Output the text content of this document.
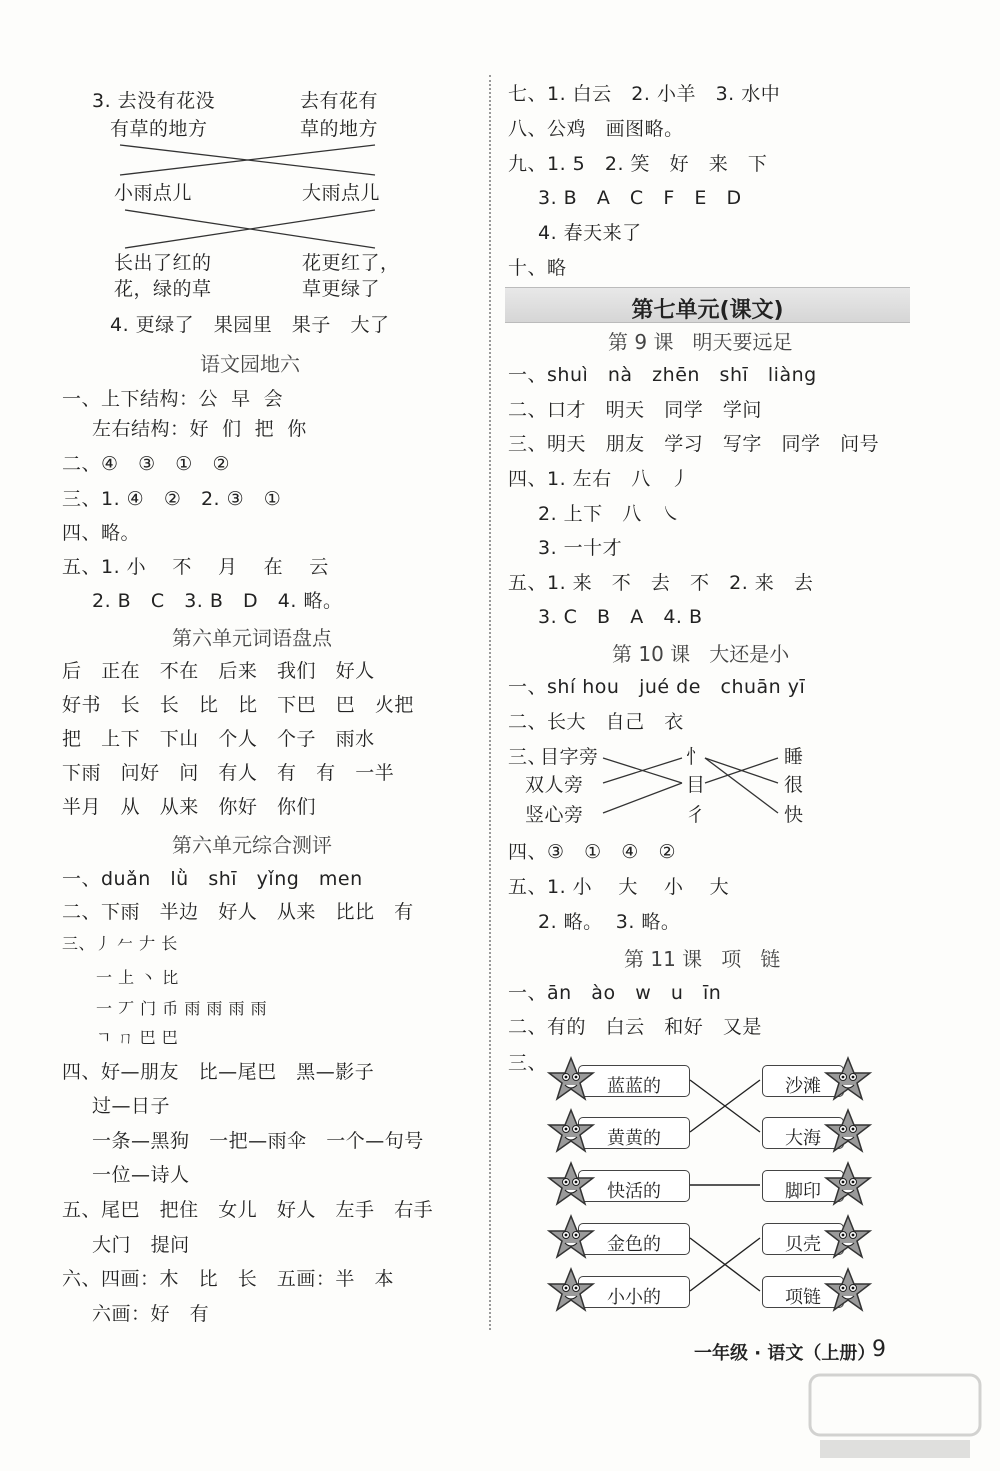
3. 去没有花没
有草的地方
去有花有
草的地方
小雨点儿	大雨点儿
长出了红的
花，绿的草
花更红了，
草更绿了
4. 更绿了   果园里   果子   大了
语文园地六
一、上下结构：公  早  会
左右结构：好  们  把  你
二、④   ③   ①   ②
三、1. ④   ②   2. ③   ①
四、略。
五、1. 小    不    月    在    云
2. B   C   3. B   D   4. 略。
第六单元词语盘点
后   正在   不在   后来   我们   好人
好书   长   长   比   比   下巴   巴   火把
把   上下   下山   个人   个子   雨水
下雨   问好   问   有人   有   有   一半
半月   从   从来   你好   你们
第六单元综合测评
一、duǎn   lǜ   shī   yǐng   men
二、下雨   半边   好人   从来   比比   有
三、丿 𠂉 𠂇 长
一 上 丶 比
一 丆 门 币 雨 雨 雨 雨
ㄱ ㄇ 巴 巴
四、好—朋友   比—尾巴   黑—影子
过—日子
一条—黑狗   一把—雨伞   一个—句号
一位—诗人
五、尾巴   把住   女儿   好人   左手   右手
大门   提问
六、四画：木   比   长   五画：半   本
六画：好   有
七、1. 白云   2. 小羊   3. 水中
八、公鸡   画图略。
九、1. 5   2. 笑   好   来   下
3. B   A   C   F   E   D
4. 春天来了
十、略
第七单元(课文)
第 9 课   明天要远足
一、shuì   nà   zhēn   shī   liàng
二、口才   明天   同学   学问
三、明天   朋友   学习   写字   同学   问号
四、1. 左右   八   丿
2. 上下   八   ㇏
3. 一十才
五、1. 来   不   去   不   2. 来   去
3. C   B   A   4. B
第 10 课   大还是小
一、shí hou   jué de   chuān yī
二、长大   自己   衣
三、
目字旁
双人旁
竖心旁
忄
目
彳
睡
很
快
四、③   ①   ④   ②
五、1. 小    大    小    大
2. 略。  3. 略。
第 11 课   项   链
一、ān   ào   w   u   īn
二、有的   白云   和好   又是
三、
蓝蓝的
黄黄的
快活的
金色的
小小的
沙滩
大海
脚印
贝壳
项链
一年级 · 语文（上册）
9
